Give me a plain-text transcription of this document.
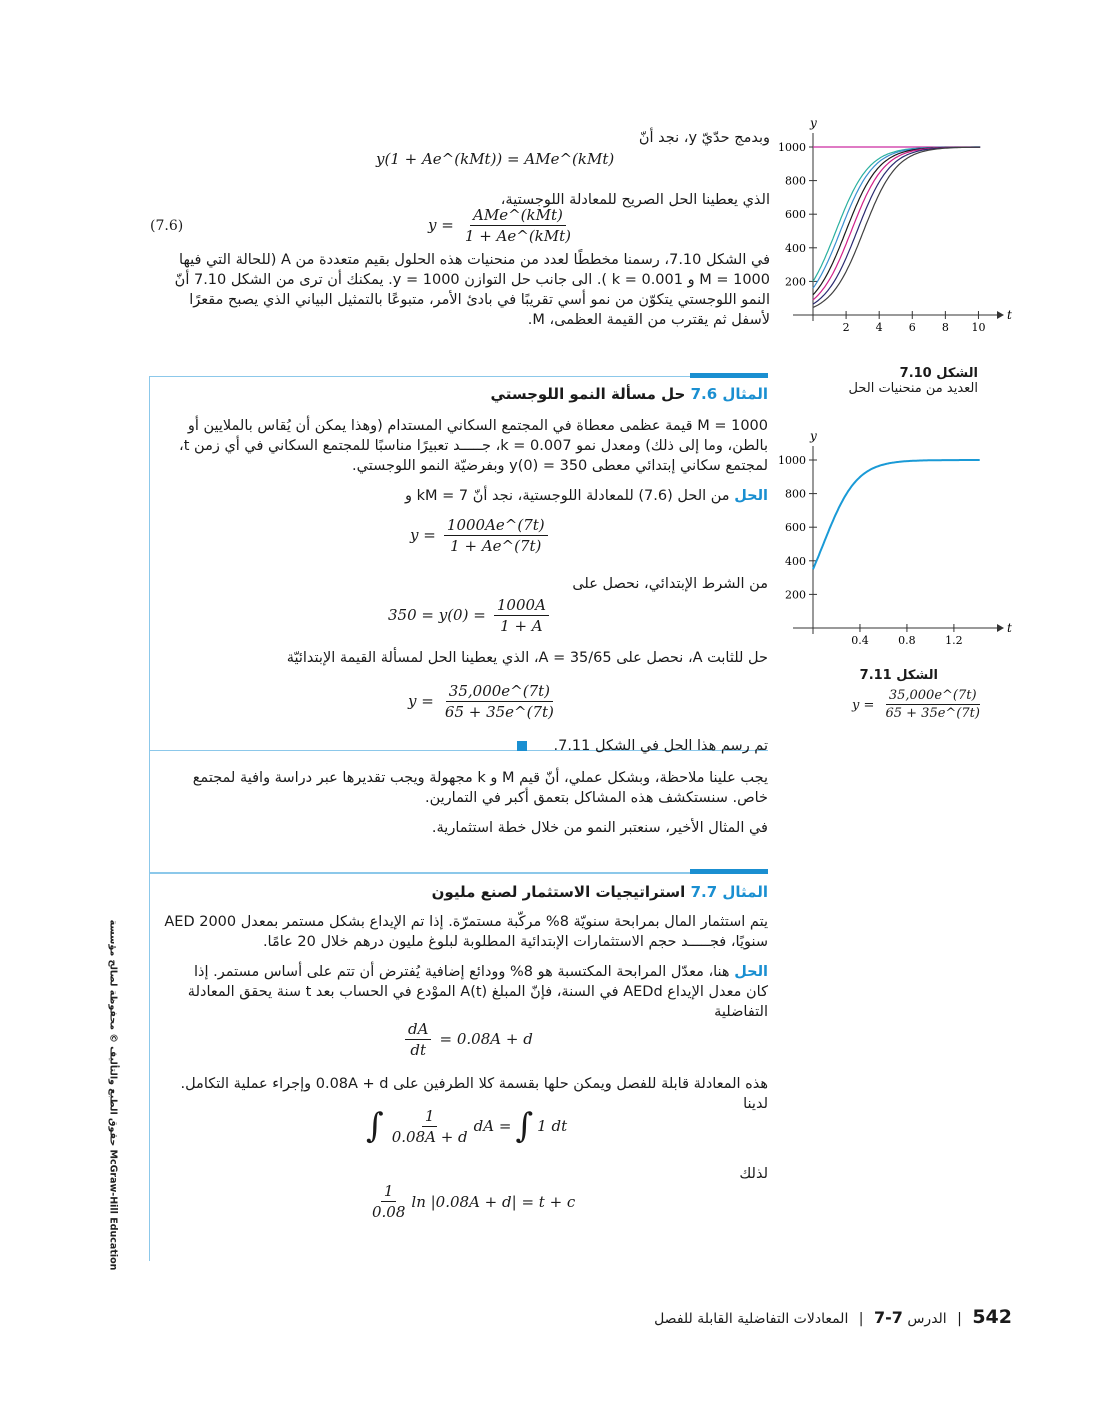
وبدمج حدّيّ y، نجد أنّ
y(1 + Ae^(kMt)) = AMe^(kMt)
الذي يعطينا الحل الصريح للمعادلة اللوجستية،
$y = \frac{\text{AMe\textasciicircum{}(kMt)}}{\text{1 + Ae\textasciicircum{}(kMt)}}$
(7.6)
في الشكل 7.10، رسمنا مخططًا لعدد من منحنيات هذه الحلول بقيم متعددة من A (للحالة التي فيها
M = 1000 و k = 0.001 ). الى جانب حل التوازن y = 1000. يمكنك أن ترى من الشكل 7.10 أنّ
النمو اللوجستي يتكوّن من نمو أسي تقريبًا في بادئ الأمر، متبوعًا بالتمثيل البياني الذي يصبح مقعرًا
لأسفل ثم يقترب من القيمة العظمى، M.
y
t
200
400
600
800
1000
2 4 6 8 10
الشكل 7.10
العديد من منحنيات الحل
y
t
200
400
600
800
1000
0.4	0.8	1.2
الشكل 7.11
$y = \frac{35,000e\^{}(7t)}{65 + 35e\^{}(7t)}$
المثال 7.6 حل مسألة النمو اللوجستي
M = 1000 قيمة عظمى معطاة في المجتمع السكاني المستدام (وهذا يمكن أن يُقاس بالملايين أو
بالطن، وما إلى ذلك) ومعدل نمو k = 0.007، جـــــد تعبيرًا مناسبًا للمجتمع السكاني في أي زمن t،
لمجتمع سكاني إبتدائي معطى y(0) = 350 وبفرضيّة النمو اللوجستي.
الحل من الحل (7.6) للمعادلة اللوجستية، نجد أنّ kM = 7 و
$y = \frac{1000Ae\^{}(7t)}{1 + Ae\^{}(7t)}$
من الشرط الإبتدائي، نحصل على
$350 = y(0) = \frac{1000A}{1 + A}$
حل للثابت A، نحصل على A = 35/65، الذي يعطينا الحل لمسألة القيمة الإبتدائيّة
$y = \frac{35,000e\^{}(7t)}{65 + 35e\^{}(7t)}$
تم رسم هذا الحل في الشكل 7.11.
يجب علينا ملاحظة، وبشكل عملي، أنّ قيم M و k مجهولة ويجب تقديرها عبر دراسة وافية لمجتمع
خاص. سنستكشف هذه المشاكل بتعمق أكبر في التمارين.
في المثال الأخير، سنعتبر النمو من خلال خطة استثمارية.
المثال 7.7 استراتيجيات الاستثمار لصنع مليون
يتم استثمار المال بمرابحة سنويّة 8% مركّبة مستمرّة. إذا تم الإيداع بشكل مستمر بمعدل AED 2000
سنويًا، فجـــــد حجم الاستثمارات الإبتدائية المطلوبة لبلوغ مليون درهم خلال 20 عامًا.
الحل هنا، معدّل المرابحة المكتسبة هو 8% وودائع إضافية يُفترض أن تتم على أساس مستمر. إذا
كان معدل الإيداع AEDd في السنة، فإنّ المبلغ A(t) الموْدع في الحساب بعد t سنة يحقق المعادلة
التفاضلية
$\frac{dA}{dt} = 0.08A + d$
هذه المعادلة قابلة للفصل ويمكن حلها بقسمة كلا الطرفين على 0.08A + d وإجراء عملية التكامل.
لدينا
∫ $\frac{1}{0.08A + d}$ dA = ∫ 1 dt
لذلك
$\frac{1}{0.08}$ ln |0.08A + d| = t + c
حقوق الطبع والتأليف © محفوظة لصالح مؤسسة McGraw-Hill Education
542 | الدرس 7-7 | المعادلات التفاضلية القابلة للفصل
